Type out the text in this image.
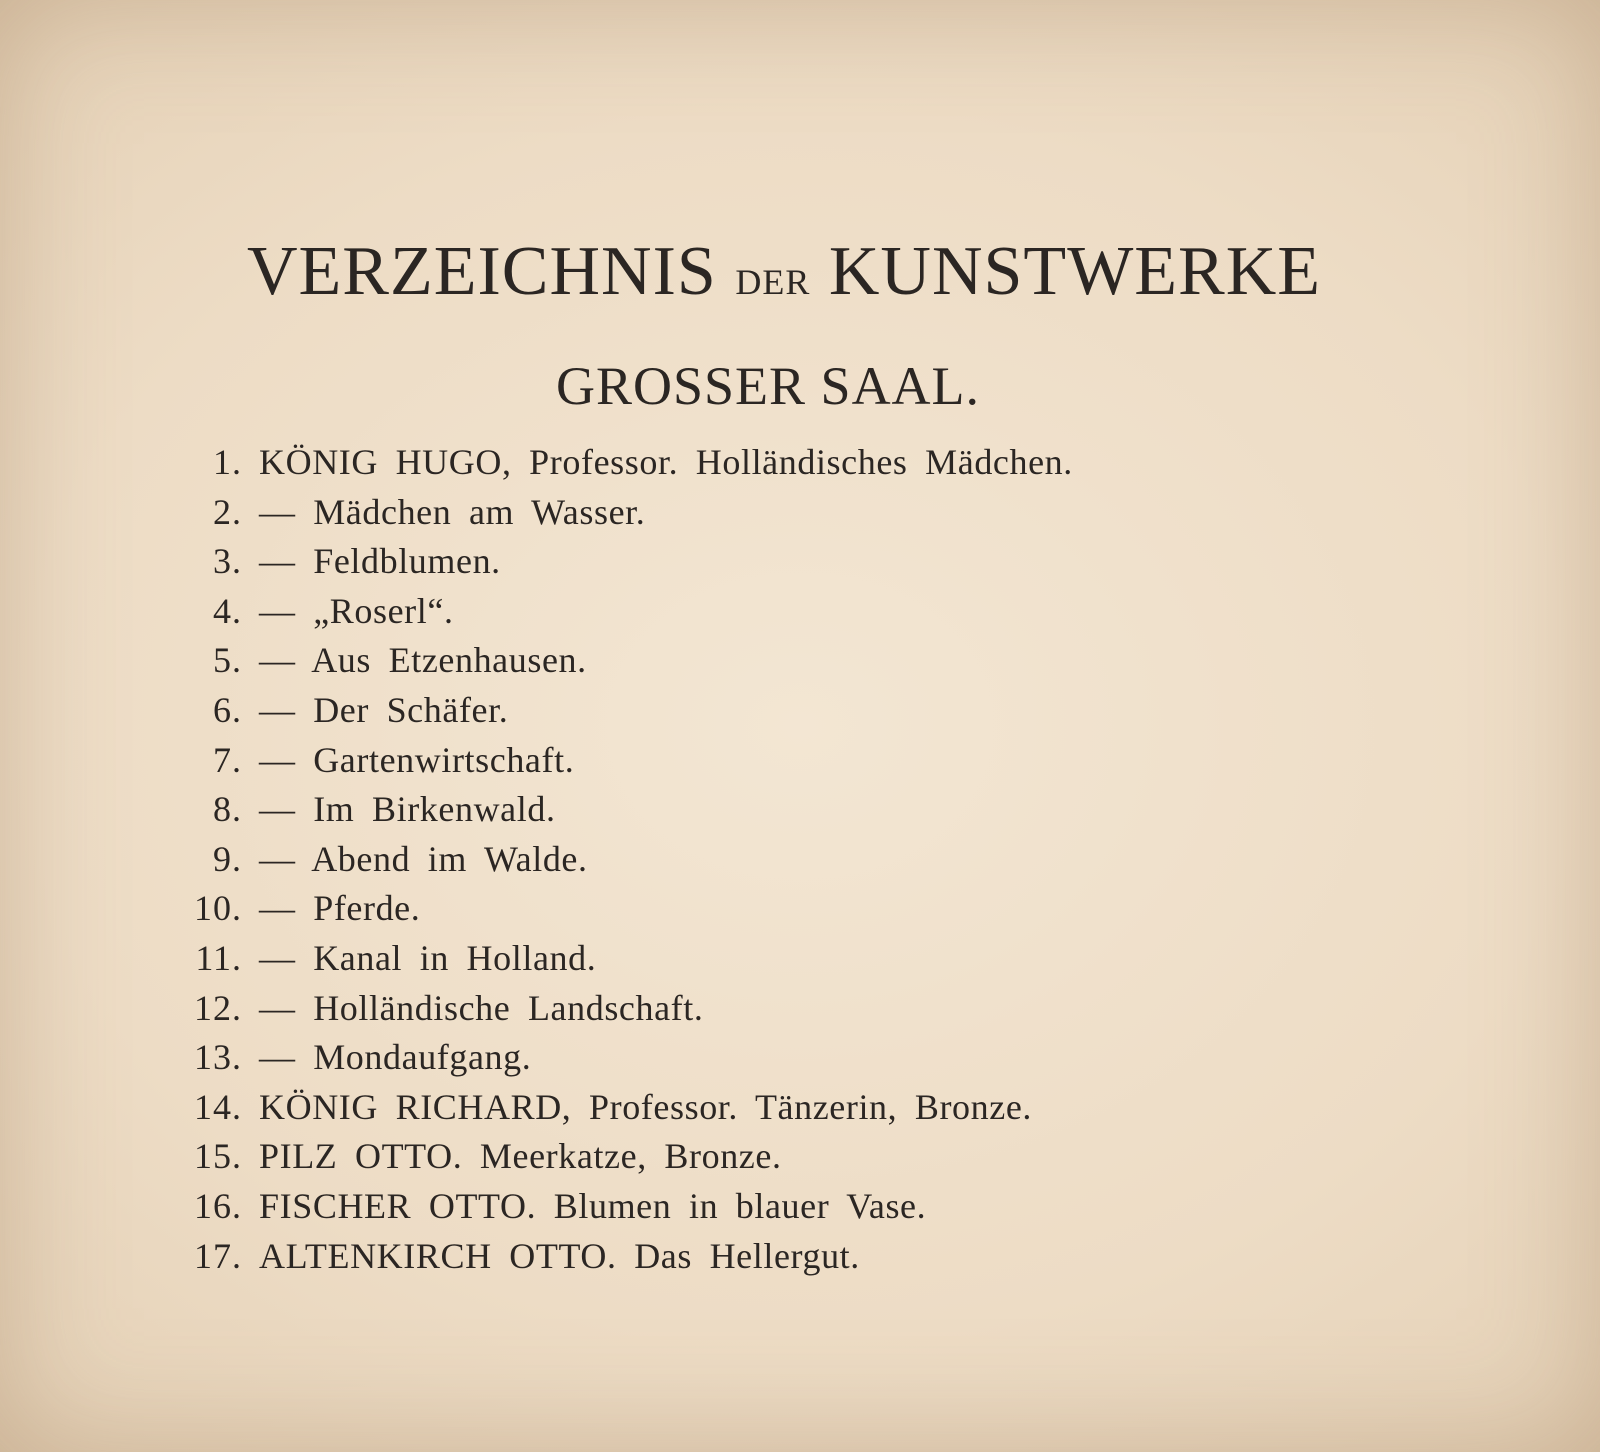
VERZEICHNIS DER KUNSTWERKE
GROSSER SAAL.
1. KÖNIG HUGO, Professor. Holländisches Mädchen.
2. — Mädchen am Wasser.
3. — Feldblumen.
4. — „Roserl“.
5. — Aus Etzenhausen.
6. — Der Schäfer.
7. — Gartenwirtschaft.
8. — Im Birkenwald.
9. — Abend im Walde.
10. — Pferde.
11. — Kanal in Holland.
12. — Holländische Landschaft.
13. — Mondaufgang.
14. KÖNIG RICHARD, Professor. Tänzerin, Bronze.
15. PILZ OTTO. Meerkatze, Bronze.
16. FISCHER OTTO. Blumen in blauer Vase.
17. ALTENKIRCH OTTO. Das Hellergut.
